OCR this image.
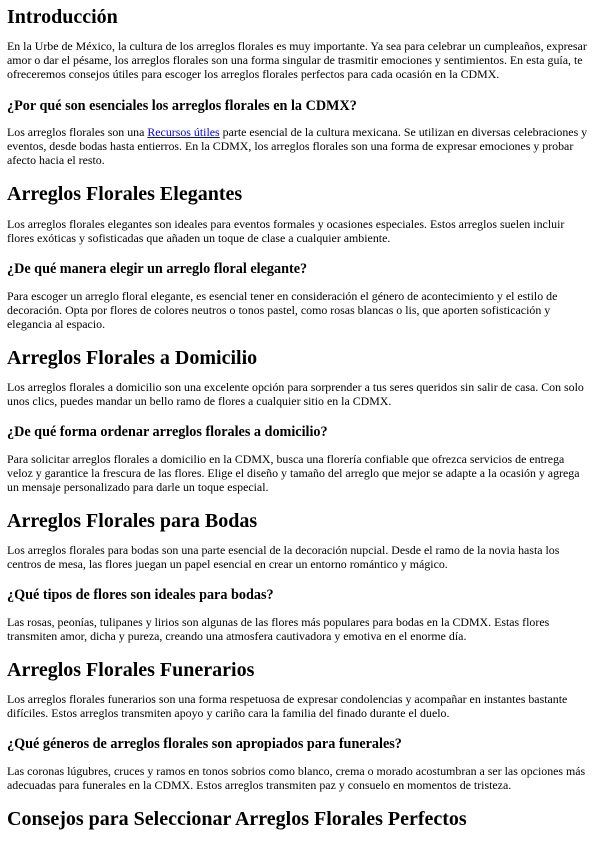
Introducción

En la Urbe de México, la cultura de los arreglos florales es muy importante. Ya sea para celebrar un cumpleaños, expresar amor o dar el pésame, los arreglos florales son una forma singular de trasmitir emociones y sentimientos. En esta guía, te ofreceremos consejos útiles para escoger los arreglos florales perfectos para cada ocasión en la CDMX.

¿Por qué son esenciales los arreglos florales en la CDMX?

Los arreglos florales son una Recursos útiles parte esencial de la cultura mexicana. Se utilizan en diversas celebraciones y eventos, desde bodas hasta entierros. En la CDMX, los arreglos florales son una forma de expresar emociones y probar afecto hacia el resto.

Arreglos Florales Elegantes

Los arreglos florales elegantes son ideales para eventos formales y ocasiones especiales. Estos arreglos suelen incluir flores exóticas y sofisticadas que añaden un toque de clase a cualquier ambiente.

¿De qué manera elegir un arreglo floral elegante?

Para escoger un arreglo floral elegante, es esencial tener en consideración el género de acontecimiento y el estilo de decoración. Opta por flores de colores neutros o tonos pastel, como rosas blancas o lis, que aporten sofisticación y elegancia al espacio.

Arreglos Florales a Domicilio

Los arreglos florales a domicilio son una excelente opción para sorprender a tus seres queridos sin salir de casa. Con solo unos clics, puedes mandar un bello ramo de flores a cualquier sitio en la CDMX.

¿De qué forma ordenar arreglos florales a domicilio?

Para solicitar arreglos florales a domicilio en la CDMX, busca una florería confiable que ofrezca servicios de entrega veloz y garantice la frescura de las flores. Elige el diseño y tamaño del arreglo que mejor se adapte a la ocasión y agrega un mensaje personalizado para darle un toque especial.

Arreglos Florales para Bodas

Los arreglos florales para bodas son una parte esencial de la decoración nupcial. Desde el ramo de la novia hasta los centros de mesa, las flores juegan un papel esencial en crear un entorno romántico y mágico.

¿Qué tipos de flores son ideales para bodas?

Las rosas, peonías, tulipanes y lirios son algunas de las flores más populares para bodas en la CDMX. Estas flores transmiten amor, dicha y pureza, creando una atmosfera cautivadora y emotiva en el enorme día.

Arreglos Florales Funerarios

Los arreglos florales funerarios son una forma respetuosa de expresar condolencias y acompañar en instantes bastante difíciles. Estos arreglos transmiten apoyo y cariño cara la familia del finado durante el duelo.

¿Qué géneros de arreglos florales son apropiados para funerales?

Las coronas lúgubres, cruces y ramos en tonos sobrios como blanco, crema o morado acostumbran a ser las opciones más adecuadas para funerales en la CDMX. Estos arreglos transmiten paz y consuelo en momentos de tristeza.

Consejos para Seleccionar Arreglos Florales Perfectos
